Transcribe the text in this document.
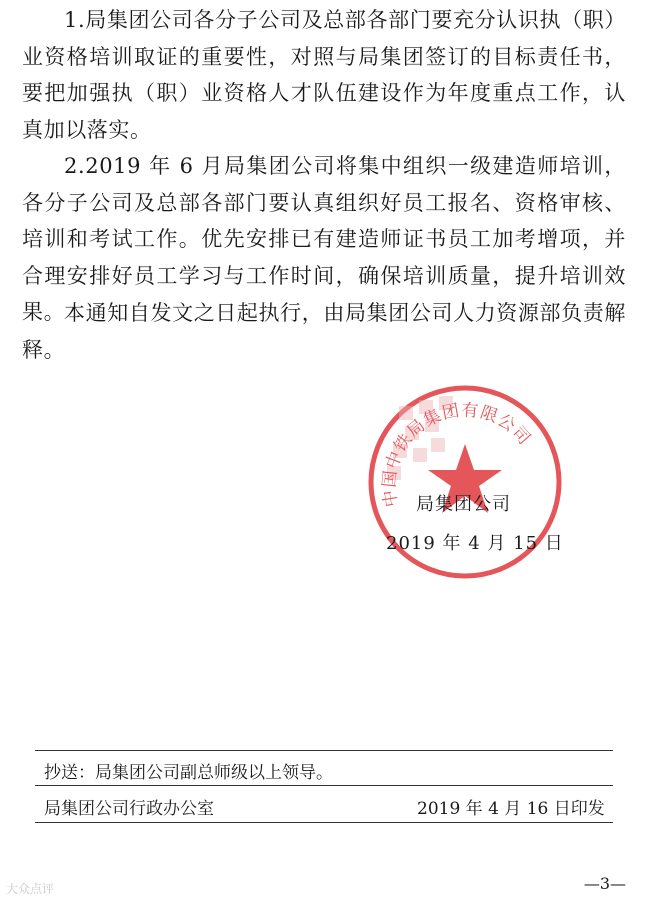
1.局集团公司各分子公司及总部各部门要充分认识执（职）业资格培训取证的重要性，对照与局集团签订的目标责任书，要把加强执（职）业资格人才队伍建设作为年度重点工作，认真加以落实。

2.2019 年 6 月局集团公司将集中组织一级建造师培训，各分子公司及总部各部门要认真组织好员工报名、资格审核、培训和考试工作。优先安排已有建造师证书员工加考增项，并合理安排好员工学习与工作时间，确保培训质量，提升培训效果。

本通知自发文之日起执行，由局集团公司人力资源部负责解释。

中国中铁局集团有限公司
局集团公司
2019 年 4 月 15 日
抄送：局集团公司副总师级以上领导。
局集团公司行政办公室	2019 年 4 月 16 日印发
—3—
大众点评
